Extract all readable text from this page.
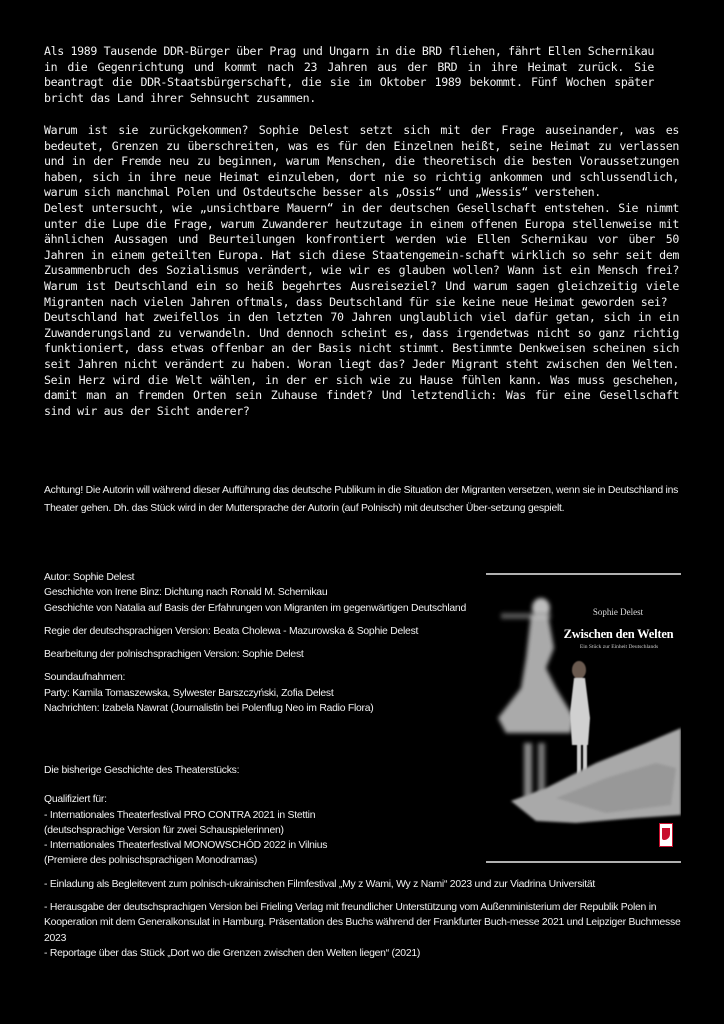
Als 1989 Tausende DDR-Bürger über Prag und Ungarn in die BRD fliehen, fährt Ellen Schernikau in die Gegenrichtung und kommt nach 23 Jahren aus der BRD in ihre Heimat zurück. Sie beantragt die DDR-Staatsbürgerschaft, die sie im Oktober 1989 bekommt. Fünf Wochen später bricht das Land ihrer Sehnsucht zusammen.

Warum ist sie zurückgekommen? Sophie Delest setzt sich mit der Frage auseinander, was es bedeutet, Grenzen zu überschreiten, was es für den Einzelnen heißt, seine Heimat zu verlassen und in der Fremde neu zu beginnen, warum Menschen, die theoretisch die besten Voraussetzungen haben, sich in ihre neue Heimat einzuleben, dort nie so richtig ankommen und schlussendlich, warum sich manchmal Polen und Ostdeutsche besser als „Ossis“ und „Wessis“ verstehen.

Delest untersucht, wie „unsichtbare Mauern“ in der deutschen Gesellschaft entstehen. Sie nimmt unter die Lupe die Frage, warum Zuwanderer heutzutage in einem offenen Europa stellenweise mit ähnlichen Aussagen und Beurteilungen konfrontiert werden wie Ellen Schernikau vor über 50 Jahren in einem geteilten Europa. Hat sich diese Staatengemein-schaft wirklich so sehr seit dem Zusammenbruch des Sozialismus verändert, wie wir es glauben wollen? Wann ist ein Mensch frei? Warum ist Deutschland ein so heiß begehrtes Ausreiseziel? Und warum sagen gleichzeitig viele Migranten nach vielen Jahren oftmals, dass Deutschland für sie keine neue Heimat geworden sei?

Deutschland hat zweifellos in den letzten 70 Jahren unglaublich viel dafür getan, sich in ein Zuwanderungsland zu verwandeln. Und dennoch scheint es, dass irgendetwas nicht so ganz richtig funktioniert, dass etwas offenbar an der Basis nicht stimmt. Bestimmte Denkweisen scheinen sich seit Jahren nicht verändert zu haben. Woran liegt das? Jeder Migrant steht zwischen den Welten. Sein Herz wird die Welt wählen, in der er sich wie zu Hause fühlen kann. Was muss geschehen, damit man an fremden Orten sein Zuhause findet? Und letztendlich: Was für eine Gesellschaft sind wir aus der Sicht anderer?

Achtung! Die Autorin will während dieser Aufführung das deutsche Publikum in die Situation der Migranten versetzen, wenn sie in Deutschland ins Theater gehen. Dh. das Stück wird in der Muttersprache der Autorin (auf Polnisch) mit deutscher Über-setzung gespielt.

Autor: Sophie Delest

Geschichte von Irene Binz: Dichtung nach Ronald M. Schernikau

Geschichte von Natalia auf Basis der Erfahrungen von Migranten im gegenwärtigen Deutschland

Regie der deutschsprachigen Version: Beata Cholewa - Mazurowska & Sophie Delest

Bearbeitung der polnischsprachigen Version: Sophie Delest

Soundaufnahmen:

Party: Kamila Tomaszewska, Sylwester Barszczyński, Zofia Delest

Nachrichten: Izabela Nawrat (Journalistin bei Polenflug Neo im Radio Flora)

Die bisherige Geschichte des Theaterstücks:

Qualifiziert für:

- Internationales Theaterfestival PRO CONTRA 2021 in Stettin

(deutschsprachige Version für zwei Schauspielerinnen)

- Internationales Theaterfestival MONOWSCHÓD 2022 in Vilnius

(Premiere des polnischsprachigen Monodramas)

- Einladung als Begleitevent zum polnisch-ukrainischen Filmfestival „My z Wami, Wy z Nami“ 2023 und zur Viadrina Universität

- Herausgabe der deutschsprachigen Version bei Frieling Verlag mit freundlicher Unterstützung vom Außenministerium der Republik Polen in Kooperation mit dem Generalkonsulat in Hamburg. Präsentation des Buchs während der Frankfurter Buch-messe 2021 und Leipziger Buchmesse 2023

- Reportage über das Stück „Dort wo die Grenzen zwischen den Welten liegen“ (2021)

Sophie Delest
Zwischen den Welten
Ein Stück zur Einheit Deutschlands
